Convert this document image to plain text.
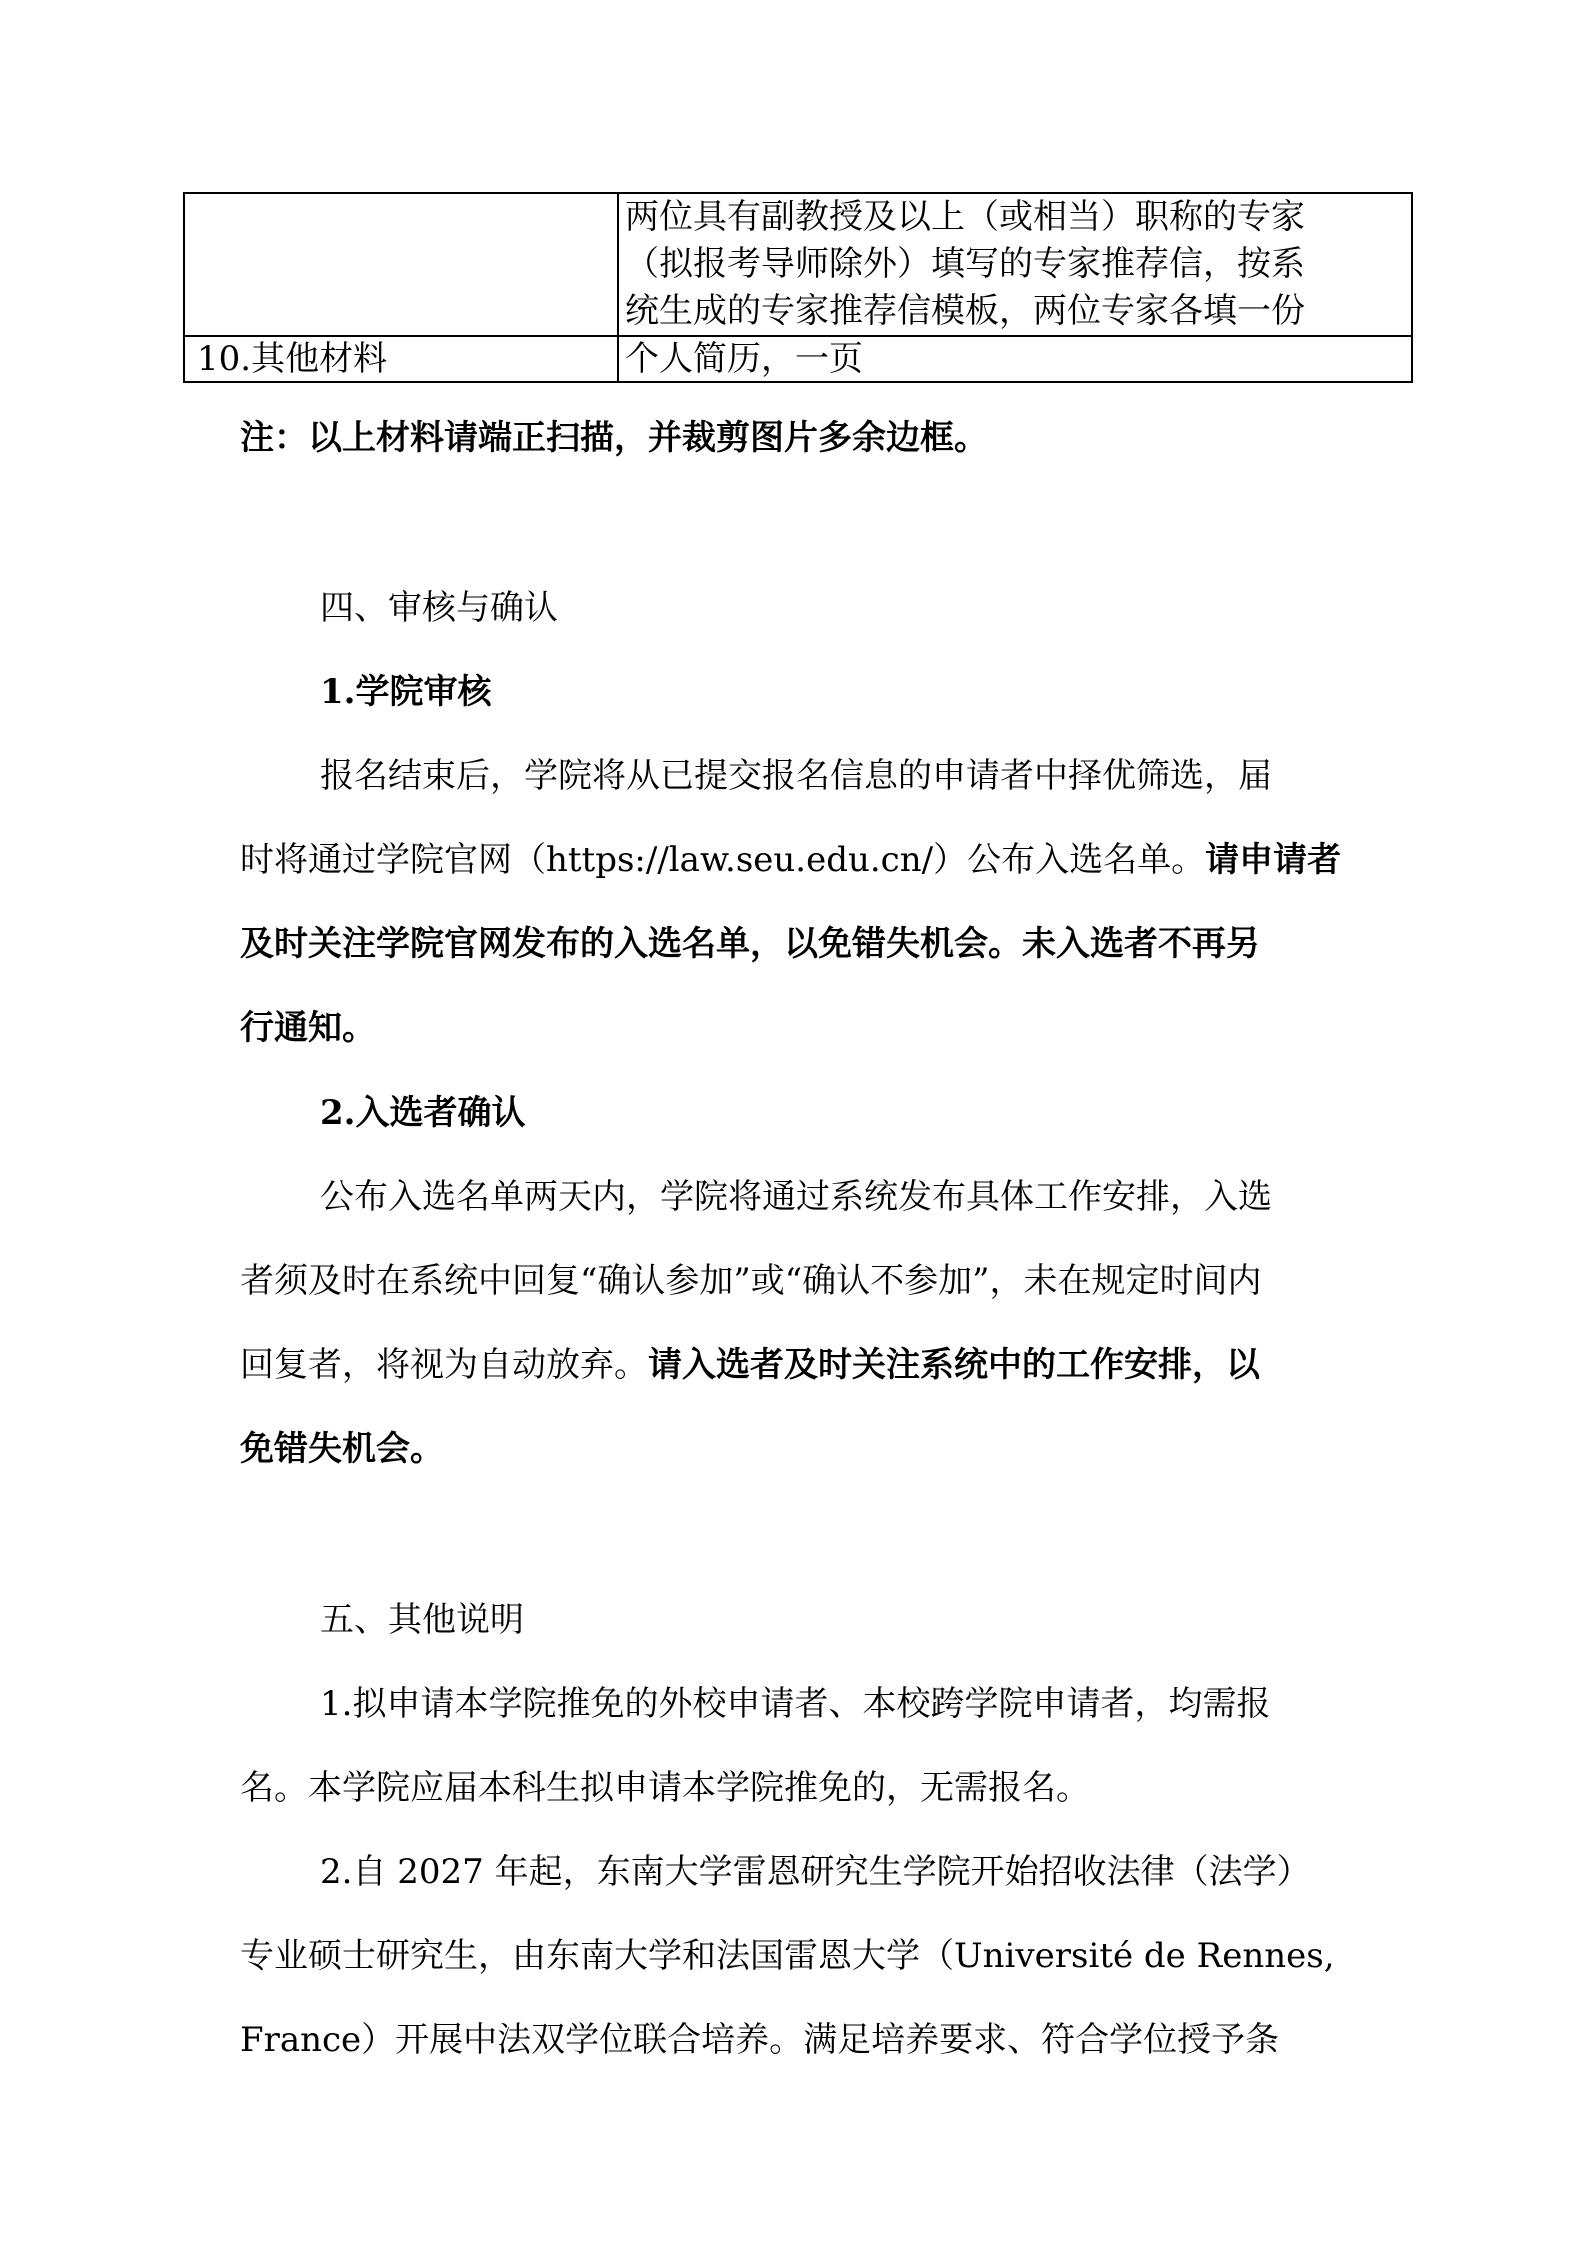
	两位具有副教授及以上（或相当）职称的专家
（拟报考导师除外）填写的专家推荐信，按系
统生成的专家推荐信模板，两位专家各填一份

10.其他材料	个人简历，一页
注：以上材料请端正扫描，并裁剪图片多余边框。
四、审核与确认
1.学院审核
报名结束后，学院将从已提交报名信息的申请者中择优筛选，届
时将通过学院官网（https://law.seu.edu.cn/）公布入选名单。请申请者
及时关注学院官网发布的入选名单，以免错失机会。未入选者不再另
行通知。
2.入选者确认
公布入选名单两天内，学院将通过系统发布具体工作安排，入选
者须及时在系统中回复“确认参加”或“确认不参加”，未在规定时间内
回复者，将视为自动放弃。请入选者及时关注系统中的工作安排，以
免错失机会。
五、其他说明
1.拟申请本学院推免的外校申请者、本校跨学院申请者，均需报
名。本学院应届本科生拟申请本学院推免的，无需报名。
2.自 2027 年起，东南大学雷恩研究生学院开始招收法律（法学）
专业硕士研究生，由东南大学和法国雷恩大学（Université de Rennes,
France）开展中法双学位联合培养。满足培养要求、符合学位授予条
